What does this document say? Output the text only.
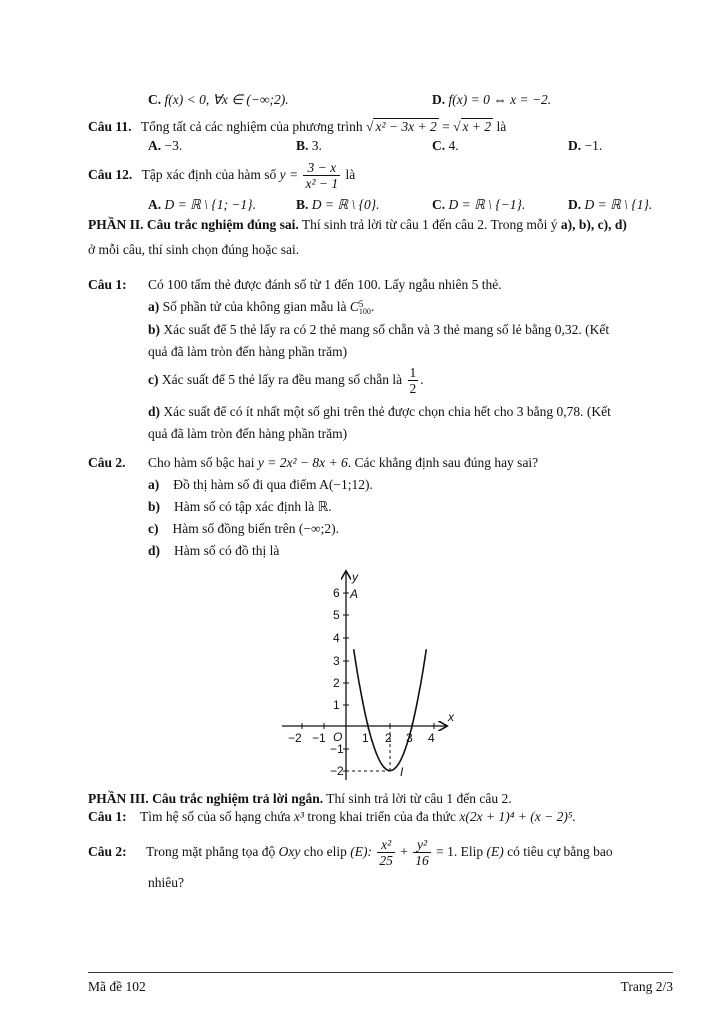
C. f(x) < 0, ∀x ∈ (−∞;2).	D. f(x) = 0 ⇔ x = −2.
Câu 11. Tổng tất cả các nghiệm của phương trình √ x² − 3x + 2 = √ x + 2 là
A. −3.	B. 3.	C. 4.	D. −1.
Câu 12. Tập xác định của hàm số $y = \frac{3 - x}{\text{x² − 1}}$ là
A. D = ℝ \ {1; −1}.	B. D = ℝ \ {0}.	C. D = ℝ \ {−1}.	D. D = ℝ \ {1}.
PHẦN II. Câu trắc nghiệm đúng sai. Thí sinh trả lời từ câu 1 đến câu 2. Trong mỗi ý a), b), c), d)
ở mỗi câu, thí sinh chọn đúng hoặc sai.
Câu 1: Có 100 tấm thẻ được đánh số từ 1 đến 100. Lấy ngẫu nhiên 5 thẻ.
a) Số phần tử của không gian mẫu là C 5
100 .
b) Xác suất để 5 thẻ lấy ra có 2 thẻ mang số chẵn và 3 thẻ mang số lẻ bằng 0,32. (Kết
quả đã làm tròn đến hàng phần trăm)
c) Xác suất để 5 thẻ lấy ra đều mang số chẵn là $\frac{1}{2}$ .
d) Xác suất để có ít nhất một số ghi trên thẻ được chọn chia hết cho 3 bằng 0,78. (Kết
quả đã làm tròn đến hàng phần trăm)
Câu 2. Cho hàm số bậc hai y = 2x² − 8x + 6. Các khẳng định sau đúng hay sai?
a) Đồ thị hàm số đi qua điểm A(−1;12).
b) Hàm số có tập xác định là ℝ.
c) Hàm số đồng biến trên (−∞;2).
d) Hàm số có đồ thị là
y
x
O
A
I
−2 −1	1 2 3 4
6
5
4
3
2
1
−1
−2
PHẦN III. Câu trắc nghiệm trả lời ngắn. Thí sinh trả lời từ câu 1 đến câu 2.
Câu 1: Tìm hệ số của số hạng chứa x³ trong khai triển của đa thức x(2x + 1)⁴ + (x − 2)⁵.
Câu 2: Trong mặt phẳng tọa độ Oxy cho elip (E): $\frac{\text{x²}}{25} + \frac{\text{y²}}{16} = 1$. Elip (E) có tiêu cự bằng bao
nhiêu?
Mã đề 102	Trang 2/3
